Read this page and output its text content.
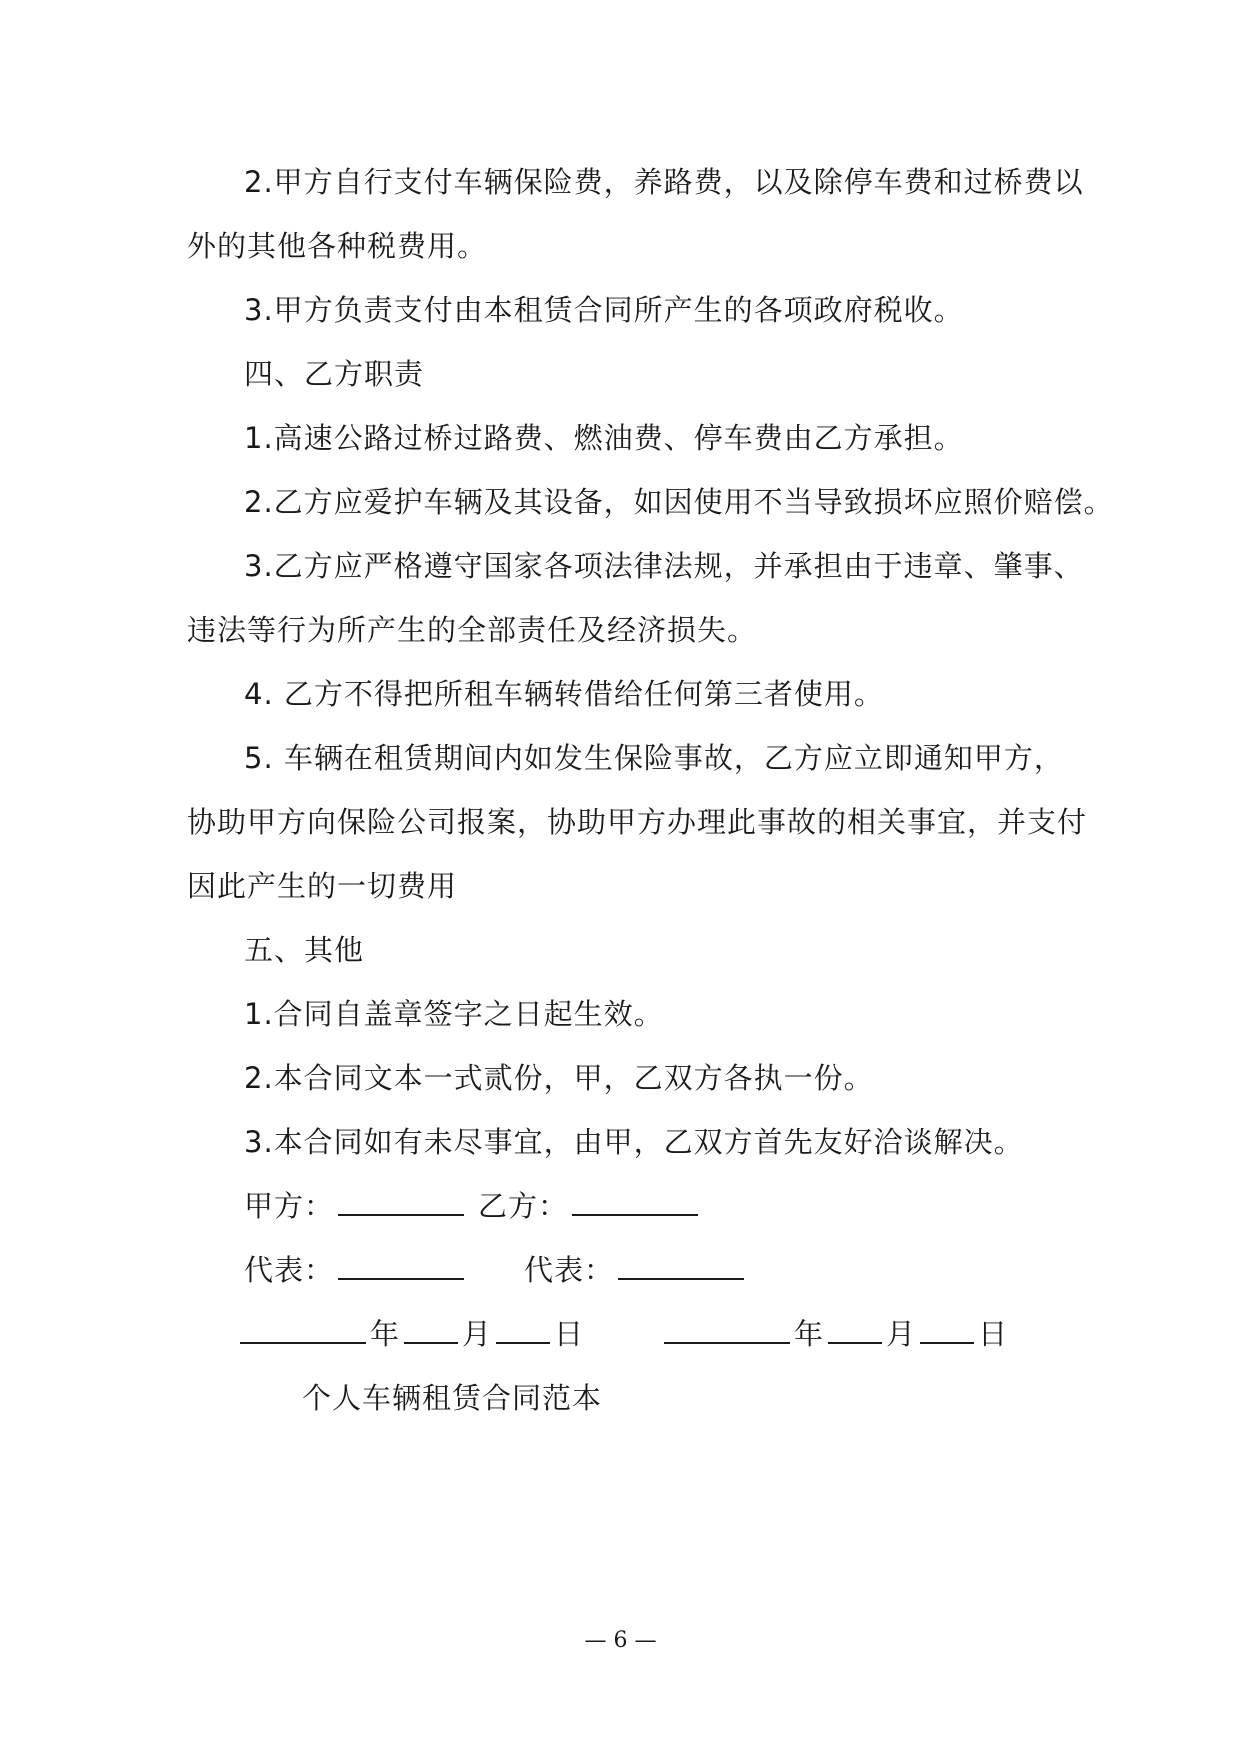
2.甲方自行支付车辆保险费，养路费，以及除停车费和过桥费以
外的其他各种税费用。
3.甲方负责支付由本租赁合同所产生的各项政府税收。
四、乙方职责
1.高速公路过桥过路费、燃油费、停车费由乙方承担。
2.乙方应爱护车辆及其设备，如因使用不当导致损坏应照价赔偿。
3.乙方应严格遵守国家各项法律法规，并承担由于违章、肇事、
违法等行为所产生的全部责任及经济损失。
4. 乙方不得把所租车辆转借给任何第三者使用。
5. 车辆在租赁期间内如发生保险事故，乙方应立即通知甲方，
协助甲方向保险公司报案，协助甲方办理此事故的相关事宜，并支付
因此产生的一切费用
五、其他
1.合同自盖章签字之日起生效。
2.本合同文本一式贰份，甲，乙双方各执一份。
3.本合同如有未尽事宜，由甲，乙双方首先友好洽谈解决。
甲方：	乙方：
代表：	代表：
年 月 日	年 月 日
个人车辆租赁合同范本
— 6 —
